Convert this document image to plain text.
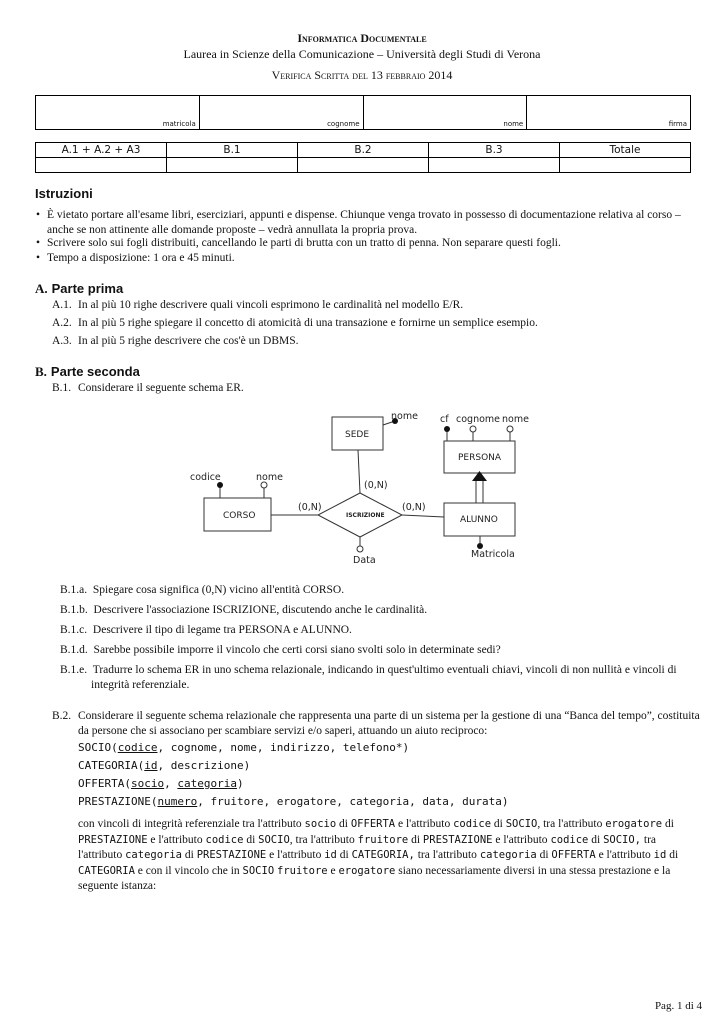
Informatica Documentale
Laurea in Scienze della Comunicazione – Università degli Studi di Verona
Verifica Scritta del 13 febbraio 2014
matricola	cognome	nome	firma
A.1 + A.2 + A3	B.1	B.2	B.3	Totale

Istruzioni
• È vietato portare all'esame libri, eserciziari, appunti e dispense. Chiunque venga trovato in possesso di documentazione relativa al corso – anche se non attinente alle domande proposte – vedrà annullata la propria prova.
• Scrivere solo sui fogli distribuiti, cancellando le parti di brutta con un tratto di penna. Non separare questi fogli.
• Tempo a disposizione: 1 ora e 45 minuti.
A. Parte prima
A.1. In al più 10 righe descrivere quali vincoli esprimono le cardinalità nel modello E/R.
A.2. In al più 5 righe spiegare il concetto di atomicità di una transazione e fornirne un semplice esempio.
A.3. In al più 5 righe descrivere che cos'è un DBMS.
B. Parte seconda
B.1. Considerare il seguente schema ER.
SEDE
PERSONA
CORSO	ALUNNO
ISCRIZIONE
nome cf cognome nome
codice	nome
Data
Matricola
(0,N)
(0,N)
(0,N)
B.1.a. Spiegare cosa significa (0,N) vicino all'entità CORSO.
B.1.b. Descrivere l'associazione ISCRIZIONE, discutendo anche le cardinalità.
B.1.c. Descrivere il tipo di legame tra PERSONA e ALUNNO.
B.1.d. Sarebbe possibile imporre il vincolo che certi corsi siano svolti solo in determinate sedi?
B.1.e. Tradurre lo schema ER in uno schema relazionale, indicando in quest'ultimo eventuali chiavi, vincoli di non nullità e vincoli di integrità referenziale.
B.2. Considerare il seguente schema relazionale che rappresenta una parte di un sistema per la gestione di una “Banca del tempo”, costituita da persone che si associano per scambiare servizi e/o saperi, attuando un aiuto reciproco:
SOCIO(codice, cognome, nome, indirizzo, telefono*)
CATEGORIA(id, descrizione)
OFFERTA(socio, categoria)
PRESTAZIONE(numero, fruitore, erogatore, categoria, data, durata)
con vincoli di integrità referenziale tra l'attributo socio di OFFERTA e l'attributo codice di SOCIO, tra l'attributo erogatore di PRESTAZIONE e l'attributo codice di SOCIO, tra l'attributo fruitore di PRESTAZIONE e l'attributo codice di SOCIO, tra l'attributo categoria di PRESTAZIONE e l'attributo id di CATEGORIA, tra l'attributo categoria di OFFERTA e l'attributo id di CATEGORIA e con il vincolo che in SOCIO fruitore e erogatore siano necessariamente diversi in una stessa prestazione e la seguente istanza:
Pag. 1 di 4
